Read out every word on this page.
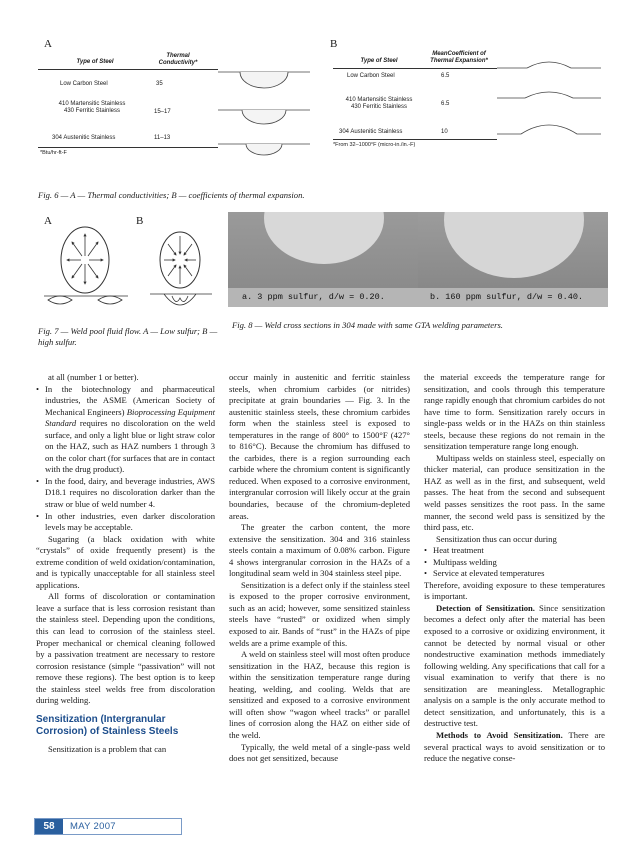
A	B
Type of Steel
Thermal Conductivity*
Low Carbon Steel	35
410 Martensitic Stainless
430 Ferritic Stainless	15–17
304 Austenitic Stainless	11–13
*Btu/hr-ft-F
Type of Steel
MeanCoefficient of Thermal Expansion*
Low Carbon Steel	6.5
410 Martensitic Stainless
430 Ferritic Stainless	6.5
304 Austenitic Stainless	10
*From 32–1000°F (micro-in./in.-F)
Fig. 6 — A — Thermal conductivities; B — coefficients of thermal expansion.
A	B
Fig. 7 — Weld pool fluid flow. A — Low sulfur; B — high sulfur.
a. 3 ppm sulfur, d/w = 0.20.	b. 160 ppm sulfur, d/w = 0.40.
Fig. 8 — Weld cross sections in 304 made with same GTA welding parameters.

at all (number 1 or better).

• In the biotechnology and pharmaceutical industries, the ASME (American Society of Mechanical Engineers) Bioprocessing Equipment Standard requires no discoloration on the weld surface, and only a light blue or light straw color on the HAZ, such as HAZ numbers 1 through 3 on the color chart (for surfaces that are in contact with the drug product).
• In the food, dairy, and beverage industries, AWS D18.1 requires no discoloration darker than the straw or blue of weld number 4.
• In other industries, even darker discoloration levels may be acceptable.

Sugaring (a black oxidation with white “crystals” of oxide frequently present) is the extreme condition of weld oxidation/contamination, and is typically unacceptable for all stainless steel applications.

All forms of discoloration or contamination leave a surface that is less corrosion resistant than the stainless steel. Depending upon the conditions, this can lead to corrosion of the stainless steel. Proper mechanical or chemical cleaning followed by a passivation treatment are necessary to restore corrosion resistance (simple “passivation” will not remove these regions). The best option is to keep the stainless steel welds free from discoloration during welding.

Sensitization (Intergranular Corrosion) of Stainless Steels

Sensitization is a problem that can

occur mainly in austenitic and ferritic stainless steels, when chromium carbides (or nitrides) precipitate at grain boundaries — Fig. 3. In the austenitic stainless steels, these chromium carbides form when the stainless steel is exposed to temperatures in the range of 800° to 1500°F (427° to 816°C). Because the chromium has diffused to the carbides, there is a region surrounding each carbide where the chromium content is significantly reduced. When exposed to a corrosive environment, intergranular corrosion will likely occur at the grain boundaries, because of the chromium-depleted areas.

The greater the carbon content, the more extensive the sensitization. 304 and 316 stainless steels contain a maximum of 0.08% carbon. Figure 4 shows intergranular corrosion in the HAZs of a longitudinal seam weld in 304 stainless steel pipe.

Sensitization is a defect only if the stainless steel is exposed to the proper corrosive environment, such as an acid; however, some sensitized stainless steels have “rusted” or oxidized when simply exposed to air. Bands of “rust” in the HAZs of pipe welds are a prime example of this.

A weld on stainless steel will most often produce sensitization in the HAZ, because this region is within the sensitization temperature range during heating, welding, and cooling. Welds that are sensitized and exposed to a corrosive environment will often show “wagon wheel tracks” or parallel lines of corrosion along the HAZ on either side of the weld.

Typically, the weld metal of a single-pass weld does not get sensitized, because

the material exceeds the temperature range for sensitization, and cools through this temperature range rapidly enough that chromium carbides do not have time to form. Sensitization rarely occurs in single-pass welds or in the HAZs on thin stainless steels, because these regions do not remain in the sensitization temperature range long enough.

Multipass welds on stainless steel, especially on thicker material, can produce sensitization in the HAZ as well as in the first, and subsequent, weld passes. The heat from the second and subsequent weld passes sensitizes the root pass. In the same manner, the second weld pass is sensitized by the third pass, etc.

Sensitization thus can occur during

• Heat treatment
• Multipass welding
• Service at elevated temperatures

Therefore, avoiding exposure to these temperatures is important.

Detection of Sensitization. Since sensitization becomes a defect only after the material has been exposed to a corrosive or oxidizing environment, it cannot be detected by normal visual or other nondestructive examination methods immediately following welding. Any specifications that call for a visual examination to verify that there is no sensitization are meaningless. Metallographic analysis on a sample is the only accurate method to detect sensitization, and unfortunately, this is a destructive test.

Methods to Avoid Sensitization. There are several practical ways to avoid sensitization or to reduce the negative conse-

58	MAY 2007
